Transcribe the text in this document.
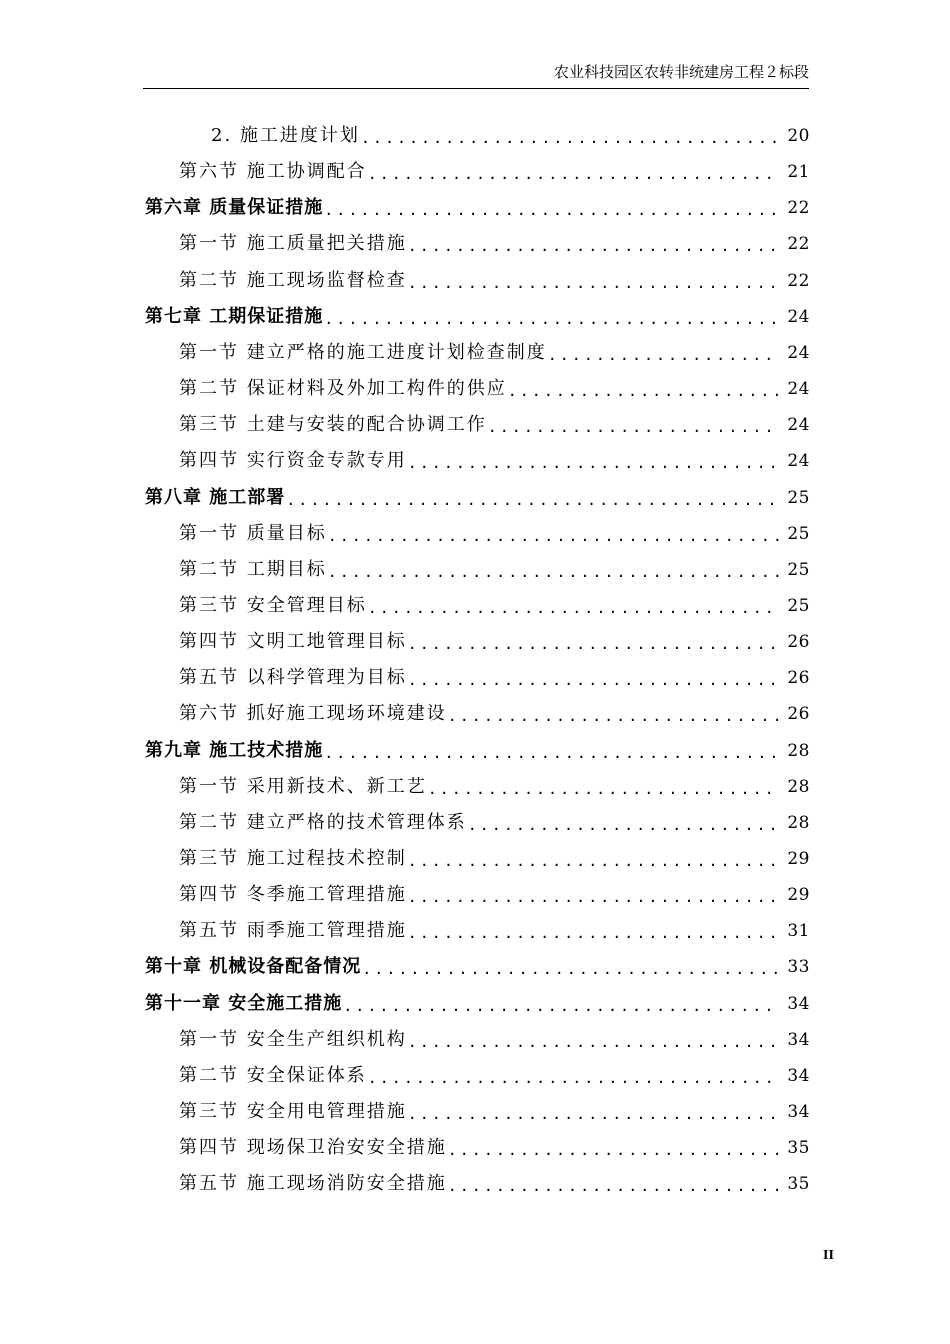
农业科技园区农转非统建房工程２标段
2. 施工进度计划 .....	20
第六节 施工协调配合 .....	21
第六章 质量保证措施 .....	22
第一节 施工质量把关措施 .....	22
第二节 施工现场监督检查 .....	22
第七章 工期保证措施 .....	24
第一节 建立严格的施工进度计划检查制度 .....	24
第二节 保证材料及外加工构件的供应 .....	24
第三节 土建与安装的配合协调工作 .....	24
第四节 实行资金专款专用 .....	24
第八章 施工部署 .....	25
第一节 质量目标 .....	25
第二节 工期目标 .....	25
第三节 安全管理目标 .....	25
第四节 文明工地管理目标 .....	26
第五节 以科学管理为目标 .....	26
第六节 抓好施工现场环境建设 .....	26
第九章 施工技术措施 .....	28
第一节 采用新技术、新工艺 .....	28
第二节 建立严格的技术管理体系 .....	28
第三节 施工过程技术控制 .....	29
第四节 冬季施工管理措施 .....	29
第五节 雨季施工管理措施 .....	31
第十章 机械设备配备情况 .....	33
第十一章 安全施工措施 .....	34
第一节 安全生产组织机构 .....	34
第二节 安全保证体系 .....	34
第三节 安全用电管理措施 .....	34
第四节 现场保卫治安安全措施 .....	35
第五节 施工现场消防安全措施 .....	35
II
